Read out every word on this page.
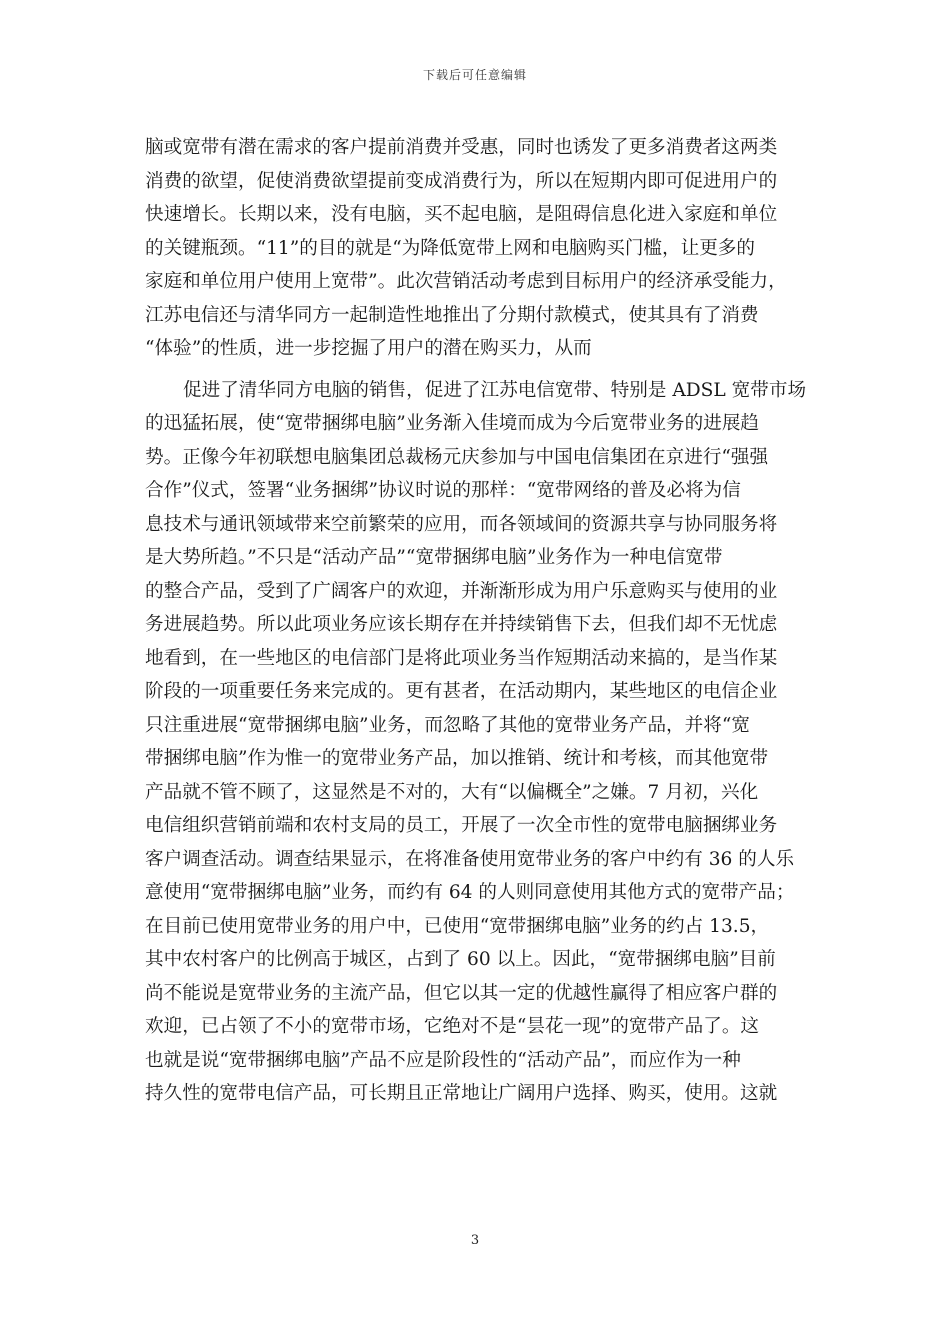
下载后可任意编辑
脑或宽带有潜在需求的客户提前消费并受惠，同时也诱发了更多消费者这两类
消费的欲望，促使消费欲望提前变成消费行为，所以在短期内即可促进用户的
快速增长。长期以来，没有电脑，买不起电脑，是阻碍信息化进入家庭和单位
的关键瓶颈。“11”的目的就是“为降低宽带上网和电脑购买门槛，让更多的
家庭和单位用户使用上宽带”。此次营销活动考虑到目标用户的经济承受能力，
江苏电信还与清华同方一起制造性地推出了分期付款模式，使其具有了消费
“体验”的性质，进一步挖掘了用户的潜在购买力，从而
促进了清华同方电脑的销售，促进了江苏电信宽带、特别是 ADSL 宽带市场
的迅猛拓展，使“宽带捆绑电脑”业务渐入佳境而成为今后宽带业务的进展趋
势。正像今年初联想电脑集团总裁杨元庆参加与中国电信集团在京进行“强强
合作”仪式，签署“业务捆绑”协议时说的那样：“宽带网络的普及必将为信
息技术与通讯领域带来空前繁荣的应用，而各领域间的资源共享与协同服务将
是大势所趋。”不只是“活动产品”“宽带捆绑电脑”业务作为一种电信宽带
的整合产品，受到了广阔客户的欢迎，并渐渐形成为用户乐意购买与使用的业
务进展趋势。所以此项业务应该长期存在并持续销售下去，但我们却不无忧虑
地看到，在一些地区的电信部门是将此项业务当作短期活动来搞的，是当作某
阶段的一项重要任务来完成的。更有甚者，在活动期内，某些地区的电信企业
只注重进展“宽带捆绑电脑”业务，而忽略了其他的宽带业务产品，并将“宽
带捆绑电脑”作为惟一的宽带业务产品，加以推销、统计和考核，而其他宽带
产品就不管不顾了，这显然是不对的，大有“以偏概全”之嫌。7 月初，兴化
电信组织营销前端和农村支局的员工，开展了一次全市性的宽带电脑捆绑业务
客户调查活动。调查结果显示，在将准备使用宽带业务的客户中约有 36 的人乐
意使用“宽带捆绑电脑”业务，而约有 64 的人则同意使用其他方式的宽带产品；
在目前已使用宽带业务的用户中，已使用“宽带捆绑电脑”业务的约占 13.5，
其中农村客户的比例高于城区，占到了 60 以上。因此，“宽带捆绑电脑”目前
尚不能说是宽带业务的主流产品，但它以其一定的优越性赢得了相应客户群的
欢迎，已占领了不小的宽带市场，它绝对不是“昙花一现”的宽带产品了。这
也就是说“宽带捆绑电脑”产品不应是阶段性的“活动产品”，而应作为一种
持久性的宽带电信产品，可长期且正常地让广阔用户选择、购买，使用。这就
3
